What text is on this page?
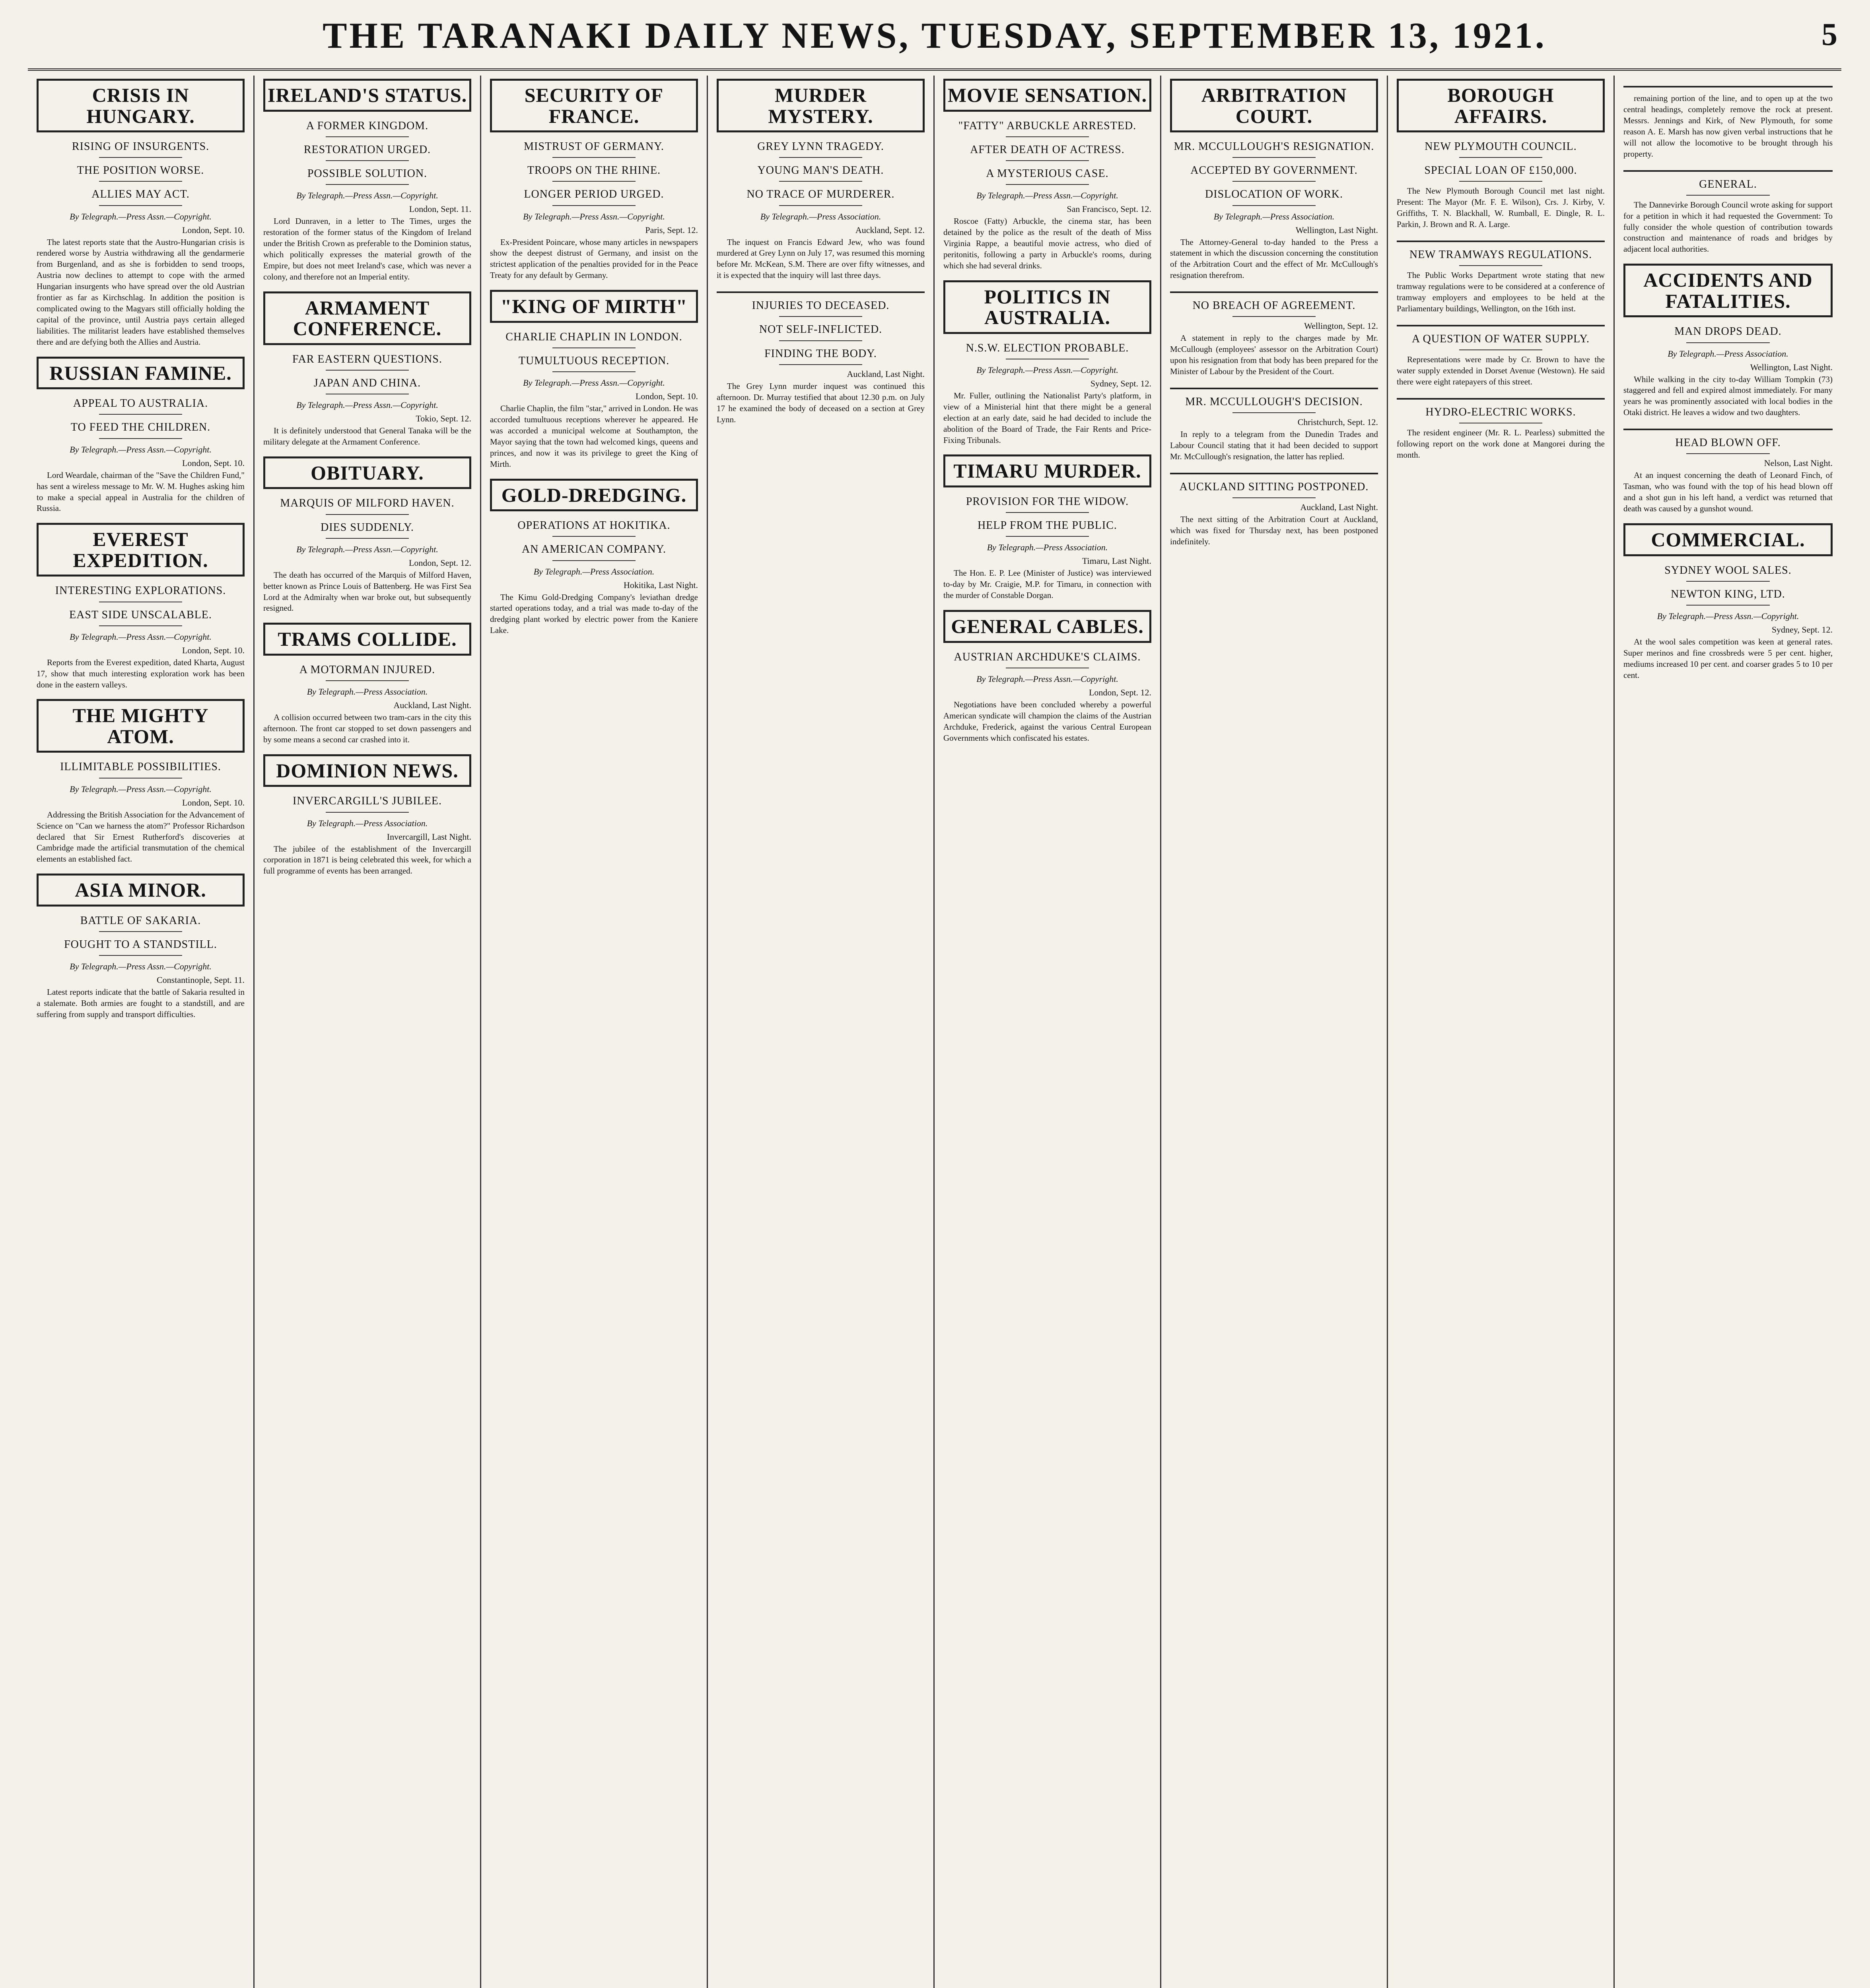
THE TARANAKI DAILY NEWS, TUESDAY, SEPTEMBER 13, 1921.	5
CRISIS IN HUNGARY.
RISING OF INSURGENTS.
THE POSITION WORSE.
ALLIES MAY ACT.
By Telegraph.—Press Assn.—Copyright.
London, Sept. 10.

The latest reports state that the Austro-Hungarian crisis is rendered worse by Austria withdrawing all the gendarmerie from Burgenland, and as she is forbidden to send troops, Austria now declines to attempt to cope with the armed Hungarian insurgents who have spread over the old Austrian frontier as far as Kirchschlag. In addition the position is complicated owing to the Magyars still officially holding the capital of the province, until Austria pays certain alleged liabilities. The militarist leaders have established themselves there and are defying both the Allies and Austria.

RUSSIAN FAMINE.
APPEAL TO AUSTRALIA.
TO FEED THE CHILDREN.
By Telegraph.—Press Assn.—Copyright.
London, Sept. 10.

Lord Weardale, chairman of the "Save the Children Fund," has sent a wireless message to Mr. W. M. Hughes asking him to make a special appeal in Australia for the children of Russia.

EVEREST EXPEDITION.
INTERESTING EXPLORATIONS.
EAST SIDE UNSCALABLE.
By Telegraph.—Press Assn.—Copyright.
London, Sept. 10.

Reports from the Everest expedition, dated Kharta, August 17, show that much interesting exploration work has been done in the eastern valleys.

THE MIGHTY ATOM.
ILLIMITABLE POSSIBILITIES.
By Telegraph.—Press Assn.—Copyright.
London, Sept. 10.

Addressing the British Association for the Advancement of Science on "Can we harness the atom?" Professor Richardson declared that Sir Ernest Rutherford's discoveries at Cambridge made the artificial transmutation of the chemical elements an established fact.

ASIA MINOR.
BATTLE OF SAKARIA.
FOUGHT TO A STANDSTILL.
By Telegraph.—Press Assn.—Copyright.
Constantinople, Sept. 11.

Latest reports indicate that the battle of Sakaria resulted in a stalemate. Both armies are fought to a standstill, and are suffering from supply and transport difficulties.

IRELAND'S STATUS.
A FORMER KINGDOM.
RESTORATION URGED.
POSSIBLE SOLUTION.
By Telegraph.—Press Assn.—Copyright.
London, Sept. 11.

Lord Dunraven, in a letter to The Times, urges the restoration of the former status of the Kingdom of Ireland under the British Crown as preferable to the Dominion status, which politically expresses the material growth of the Empire, but does not meet Ireland's case, which was never a colony, and therefore not an Imperial entity.

ARMAMENT CONFERENCE.
FAR EASTERN QUESTIONS.
JAPAN AND CHINA.
By Telegraph.—Press Assn.—Copyright.
Tokio, Sept. 12.

It is definitely understood that General Tanaka will be the military delegate at the Armament Conference.

OBITUARY.
MARQUIS OF MILFORD HAVEN.
DIES SUDDENLY.
By Telegraph.—Press Assn.—Copyright.
London, Sept. 12.

The death has occurred of the Marquis of Milford Haven, better known as Prince Louis of Battenberg. He was First Sea Lord at the Admiralty when war broke out, but subsequently resigned.

TRAMS COLLIDE.
A MOTORMAN INJURED.
By Telegraph.—Press Association.
Auckland, Last Night.

A collision occurred between two tram-cars in the city this afternoon. The front car stopped to set down passengers and by some means a second car crashed into it.

DOMINION NEWS.
INVERCARGILL'S JUBILEE.
By Telegraph.—Press Association.
Invercargill, Last Night.

The jubilee of the establishment of the Invercargill corporation in 1871 is being celebrated this week, for which a full programme of events has been arranged.

SECURITY OF FRANCE.
MISTRUST OF GERMANY.
TROOPS ON THE RHINE.
LONGER PERIOD URGED.
By Telegraph.—Press Assn.—Copyright.
Paris, Sept. 12.

Ex-President Poincare, whose many articles in newspapers show the deepest distrust of Germany, and insist on the strictest application of the penalties provided for in the Peace Treaty for any default by Germany.

"KING OF MIRTH"
CHARLIE CHAPLIN IN LONDON.
TUMULTUOUS RECEPTION.
By Telegraph.—Press Assn.—Copyright.
London, Sept. 10.

Charlie Chaplin, the film "star," arrived in London. He was accorded tumultuous receptions wherever he appeared. He was accorded a municipal welcome at Southampton, the Mayor saying that the town had welcomed kings, queens and princes, and now it was its privilege to greet the King of Mirth.

GOLD-DREDGING.
OPERATIONS AT HOKITIKA.
AN AMERICAN COMPANY.
By Telegraph.—Press Association.
Hokitika, Last Night.

The Kimu Gold-Dredging Company's leviathan dredge started operations today, and a trial was made to-day of the dredging plant worked by electric power from the Kaniere Lake.

MURDER MYSTERY.
GREY LYNN TRAGEDY.
YOUNG MAN'S DEATH.
NO TRACE OF MURDERER.
By Telegraph.—Press Association.
Auckland, Sept. 12.

The inquest on Francis Edward Jew, who was found murdered at Grey Lynn on July 17, was resumed this morning before Mr. McKean, S.M. There are over fifty witnesses, and it is expected that the inquiry will last three days.

INJURIES TO DECEASED.
NOT SELF-INFLICTED.
FINDING THE BODY.
Auckland, Last Night.

The Grey Lynn murder inquest was continued this afternoon. Dr. Murray testified that about 12.30 p.m. on July 17 he examined the body of deceased on a section at Grey Lynn.

MOVIE SENSATION.
"FATTY" ARBUCKLE ARRESTED.
AFTER DEATH OF ACTRESS.
A MYSTERIOUS CASE.
By Telegraph.—Press Assn.—Copyright.
San Francisco, Sept. 12.

Roscoe (Fatty) Arbuckle, the cinema star, has been detained by the police as the result of the death of Miss Virginia Rappe, a beautiful movie actress, who died of peritonitis, following a party in Arbuckle's rooms, during which she had several drinks.

POLITICS IN AUSTRALIA.
N.S.W. ELECTION PROBABLE.
By Telegraph.—Press Assn.—Copyright.
Sydney, Sept. 12.

Mr. Fuller, outlining the Nationalist Party's platform, in view of a Ministerial hint that there might be a general election at an early date, said he had decided to include the abolition of the Board of Trade, the Fair Rents and Price-Fixing Tribunals.

TIMARU MURDER.
PROVISION FOR THE WIDOW.
HELP FROM THE PUBLIC.
By Telegraph.—Press Association.
Timaru, Last Night.

The Hon. E. P. Lee (Minister of Justice) was interviewed to-day by Mr. Craigie, M.P. for Timaru, in connection with the murder of Constable Dorgan.

GENERAL CABLES.
AUSTRIAN ARCHDUKE'S CLAIMS.
By Telegraph.—Press Assn.—Copyright.
London, Sept. 12.

Negotiations have been concluded whereby a powerful American syndicate will champion the claims of the Austrian Archduke, Frederick, against the various Central European Governments which confiscated his estates.

ARBITRATION COURT.
MR. MCCULLOUGH'S RESIGNATION.
ACCEPTED BY GOVERNMENT.
DISLOCATION OF WORK.
By Telegraph.—Press Association.
Wellington, Last Night.

The Attorney-General to-day handed to the Press a statement in which the discussion concerning the constitution of the Arbitration Court and the effect of Mr. McCullough's resignation therefrom.

NO BREACH OF AGREEMENT.
Wellington, Sept. 12.

A statement in reply to the charges made by Mr. McCullough (employees' assessor on the Arbitration Court) upon his resignation from that body has been prepared for the Minister of Labour by the President of the Court.

MR. MCCULLOUGH'S DECISION.
Christchurch, Sept. 12.

In reply to a telegram from the Dunedin Trades and Labour Council stating that it had been decided to support Mr. McCullough's resignation, the latter has replied.

AUCKLAND SITTING POSTPONED.
Auckland, Last Night.

The next sitting of the Arbitration Court at Auckland, which was fixed for Thursday next, has been postponed indefinitely.

BOROUGH AFFAIRS.
NEW PLYMOUTH COUNCIL.
SPECIAL LOAN OF £150,000.

The New Plymouth Borough Council met last night. Present: The Mayor (Mr. F. E. Wilson), Crs. J. Kirby, V. Griffiths, T. N. Blackhall, W. Rumball, E. Dingle, R. L. Parkin, J. Brown and R. A. Large.

NEW TRAMWAYS REGULATIONS.

The Public Works Department wrote stating that new tramway regulations were to be considered at a conference of tramway employers and employees to be held at the Parliamentary buildings, Wellington, on the 16th inst.

A QUESTION OF WATER SUPPLY.

Representations were made by Cr. Brown to have the water supply extended in Dorset Avenue (Westown). He said there were eight ratepayers of this street.

HYDRO-ELECTRIC WORKS.

The resident engineer (Mr. R. L. Pearless) submitted the following report on the work done at Mangorei during the month.

remaining portion of the line, and to open up at the two central headings, completely remove the rock at present. Messrs. Jennings and Kirk, of New Plymouth, for some reason A. E. Marsh has now given verbal instructions that he will not allow the locomotive to be brought through his property.

GENERAL.

The Dannevirke Borough Council wrote asking for support for a petition in which it had requested the Government: To fully consider the whole question of contribution towards construction and maintenance of roads and bridges by adjacent local authorities.

ACCIDENTS AND FATALITIES.
MAN DROPS DEAD.
By Telegraph.—Press Association.
Wellington, Last Night.

While walking in the city to-day William Tompkin (73) staggered and fell and expired almost immediately. For many years he was prominently associated with local bodies in the Otaki district. He leaves a widow and two daughters.

HEAD BLOWN OFF.
Nelson, Last Night.

At an inquest concerning the death of Leonard Finch, of Tasman, who was found with the top of his head blown off and a shot gun in his left hand, a verdict was returned that death was caused by a gunshot wound.

COMMERCIAL.
SYDNEY WOOL SALES.
NEWTON KING, LTD.
By Telegraph.—Press Assn.—Copyright.
Sydney, Sept. 12.

At the wool sales competition was keen at general rates. Super merinos and fine crossbreds were 5 per cent. higher, mediums increased 10 per cent. and coarser grades 5 to 10 per cent.
